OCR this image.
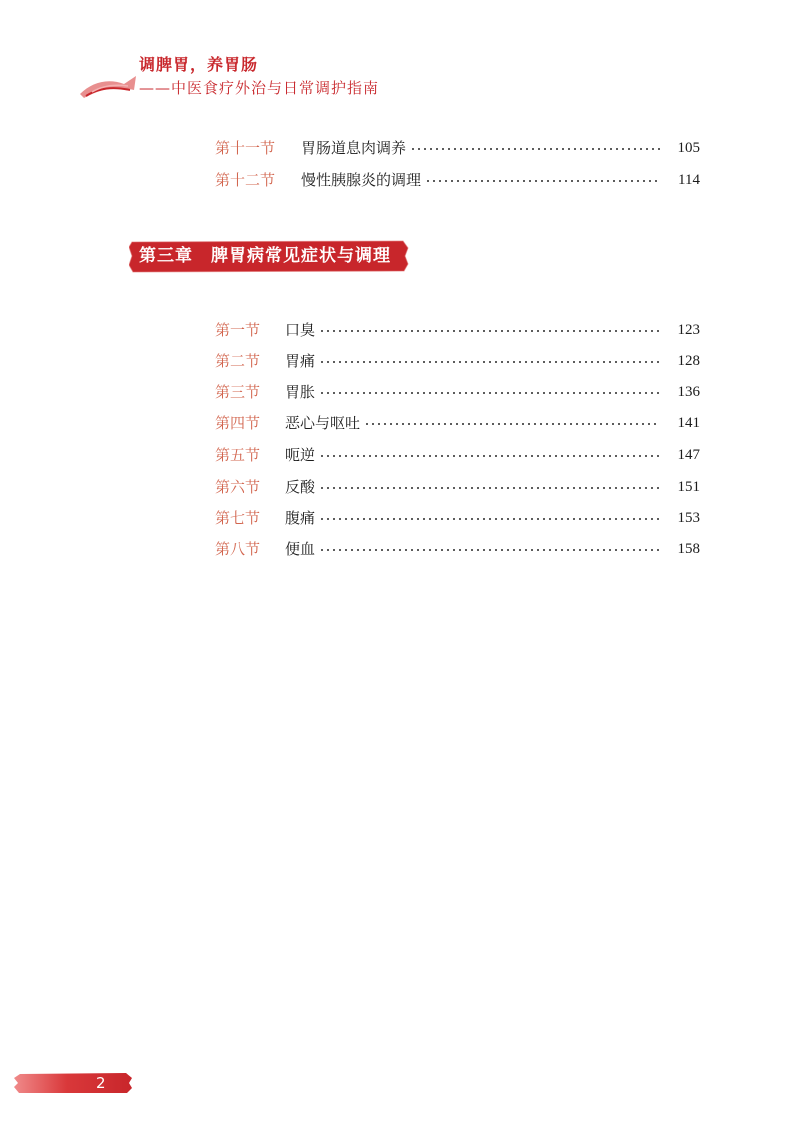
调脾胃，养胃肠
——中医食疗外治与日常调护指南
第十一节	胃肠道息肉调养	105
第十二节	慢性胰腺炎的调理	114
第三章 脾胃病常见症状与调理
第一节	口臭	123
第二节	胃痛	128
第三节	胃胀	136
第四节	恶心与呕吐	141
第五节	呃逆	147
第六节	反酸	151
第七节	腹痛	153
第八节	便血	158
2
